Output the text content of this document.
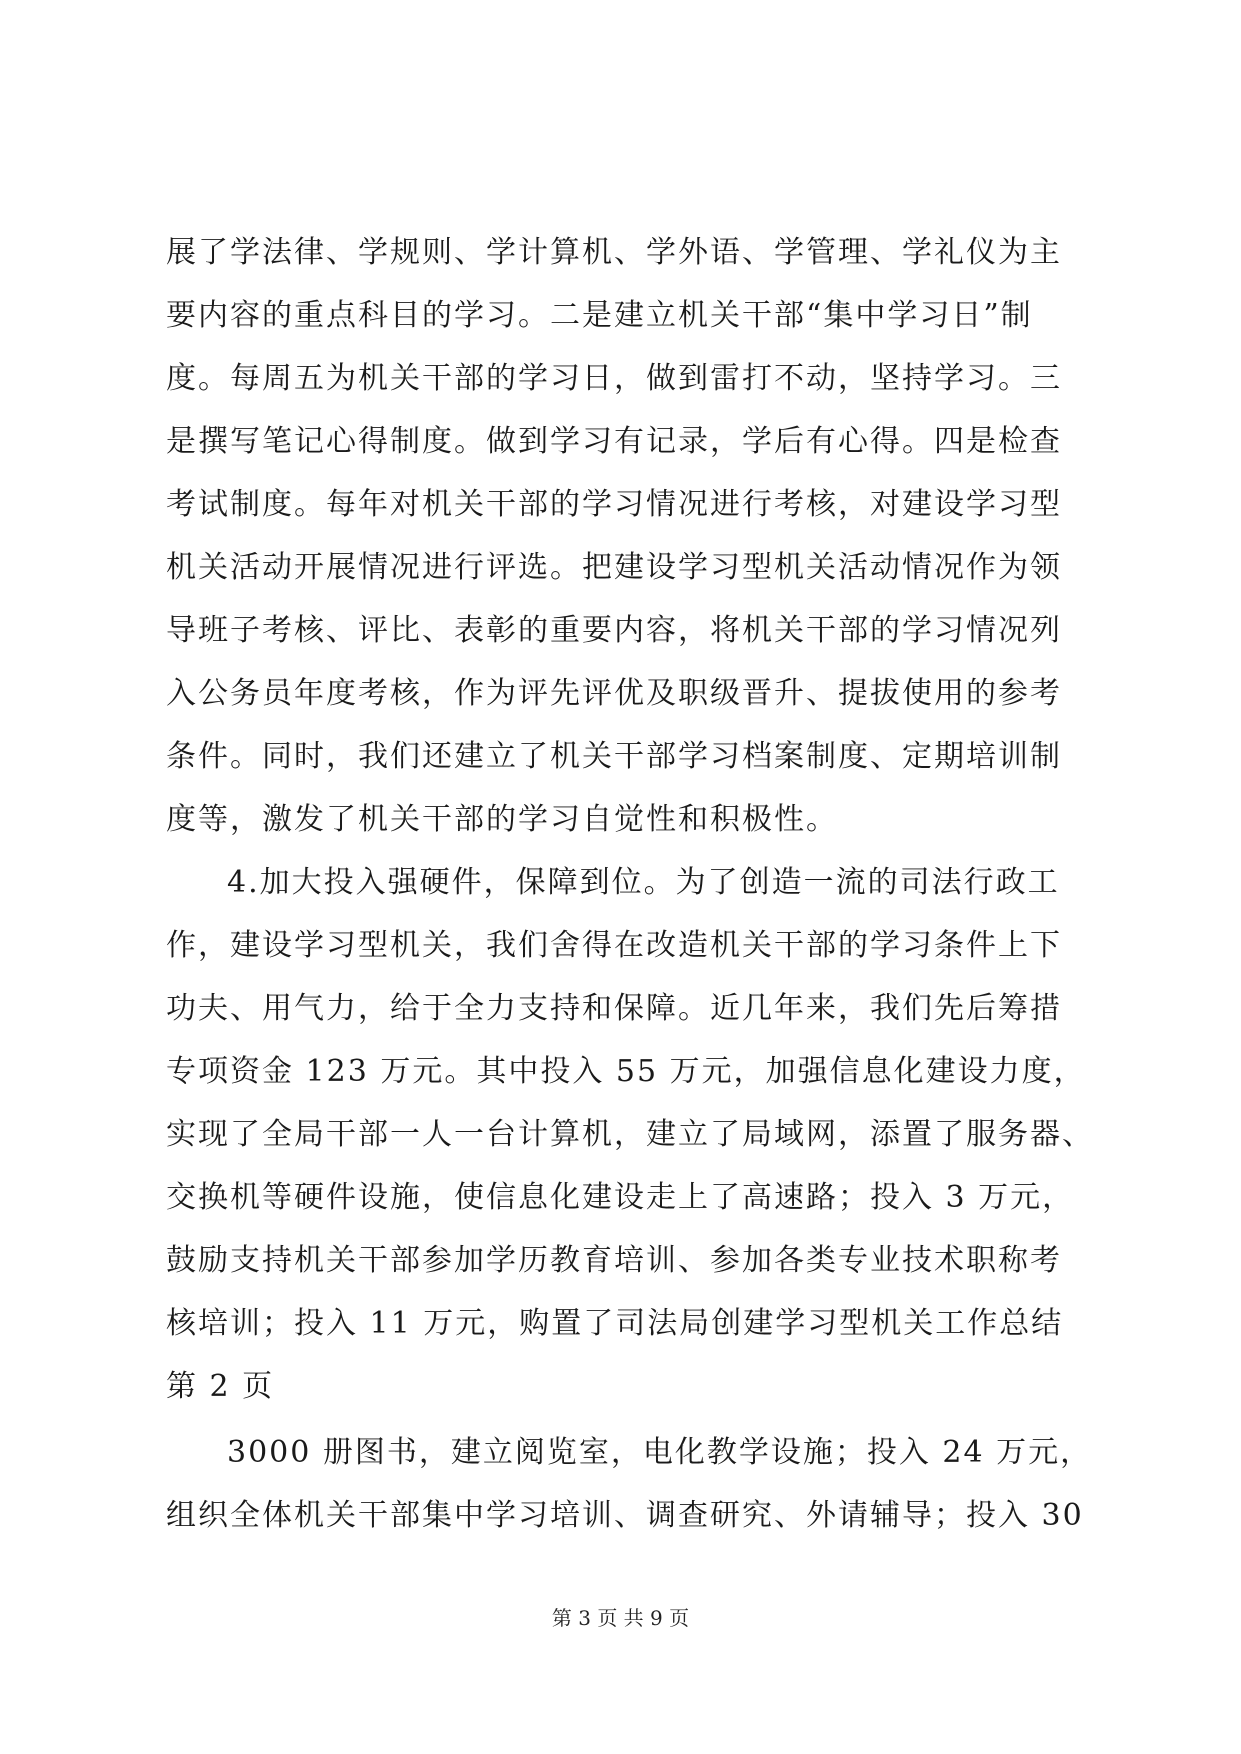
展了学法律、学规则、学计算机、学外语、学管理、学礼仪为主
要内容的重点科目的学习。二是建立机关干部“集中学习日”制
度。每周五为机关干部的学习日，做到雷打不动，坚持学习。三
是撰写笔记心得制度。做到学习有记录，学后有心得。四是检查
考试制度。每年对机关干部的学习情况进行考核，对建设学习型
机关活动开展情况进行评选。把建设学习型机关活动情况作为领
导班子考核、评比、表彰的重要内容，将机关干部的学习情况列
入公务员年度考核，作为评先评优及职级晋升、提拔使用的参考
条件。同时，我们还建立了机关干部学习档案制度、定期培训制
度等，激发了机关干部的学习自觉性和积极性。
4.加大投入强硬件，保障到位。为了创造一流的司法行政工
作，建设学习型机关，我们舍得在改造机关干部的学习条件上下
功夫、用气力，给于全力支持和保障。近几年来，我们先后筹措
专项资金 123 万元。其中投入 55 万元，加强信息化建设力度，
实现了全局干部一人一台计算机，建立了局域网，添置了服务器、
交换机等硬件设施，使信息化建设走上了高速路；投入 3 万元，
鼓励支持机关干部参加学历教育培训、参加各类专业技术职称考
核培训；投入 11 万元，购置了司法局创建学习型机关工作总结
第 2 页
3000 册图书，建立阅览室，电化教学设施；投入 24 万元，
组织全体机关干部集中学习培训、调查研究、外请辅导；投入 30
第 3 页 共 9 页
